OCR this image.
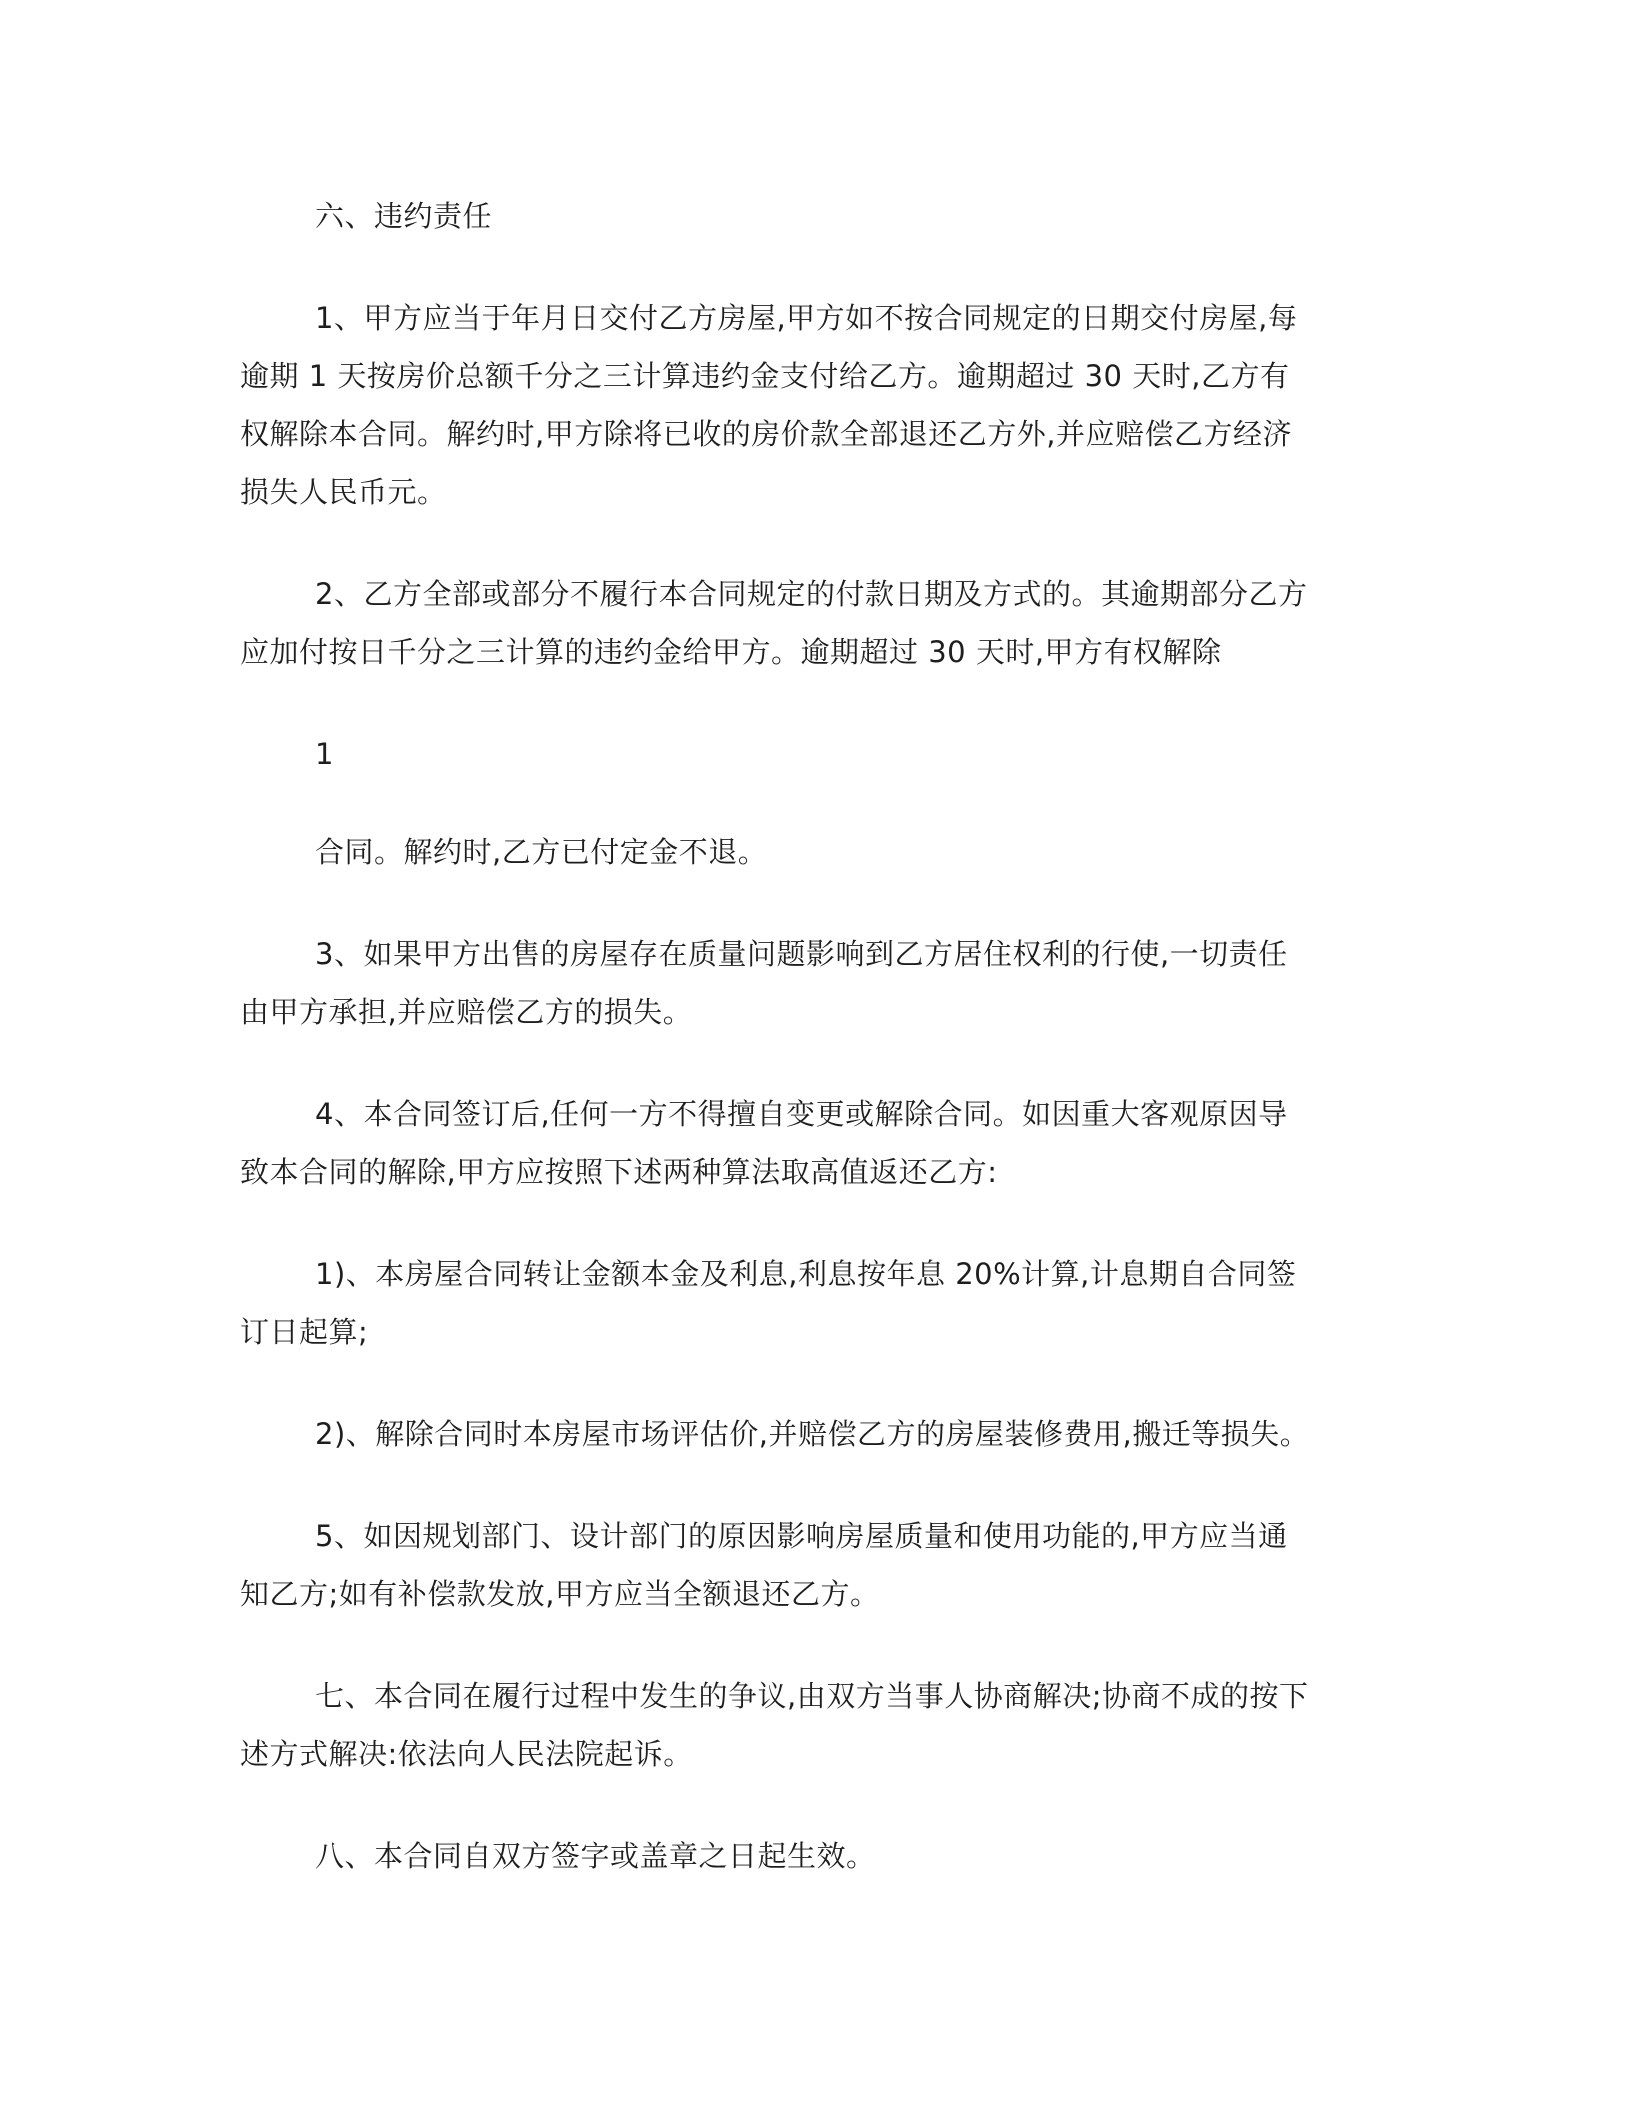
六、违约责任
1、甲方应当于年月日交付乙方房屋,甲方如不按合同规定的日期交付房屋,每
逾期 1 天按房价总额千分之三计算违约金支付给乙方。逾期超过 30 天时,乙方有
权解除本合同。解约时,甲方除将已收的房价款全部退还乙方外,并应赔偿乙方经济
损失人民币元。
2、乙方全部或部分不履行本合同规定的付款日期及方式的。其逾期部分乙方
应加付按日千分之三计算的违约金给甲方。逾期超过 30 天时,甲方有权解除
1
合同。解约时,乙方已付定金不退。
3、如果甲方出售的房屋存在质量问题影响到乙方居住权利的行使,一切责任
由甲方承担,并应赔偿乙方的损失。
4、本合同签订后,任何一方不得擅自变更或解除合同。如因重大客观原因导
致本合同的解除,甲方应按照下述两种算法取高值返还乙方:
1)、本房屋合同转让金额本金及利息,利息按年息 20%计算,计息期自合同签
订日起算;
2)、解除合同时本房屋市场评估价,并赔偿乙方的房屋装修费用,搬迁等损失。
5、如因规划部门、设计部门的原因影响房屋质量和使用功能的,甲方应当通
知乙方;如有补偿款发放,甲方应当全额退还乙方。
七、本合同在履行过程中发生的争议,由双方当事人协商解决;协商不成的按下
述方式解决:依法向人民法院起诉。
八、本合同自双方签字或盖章之日起生效。
